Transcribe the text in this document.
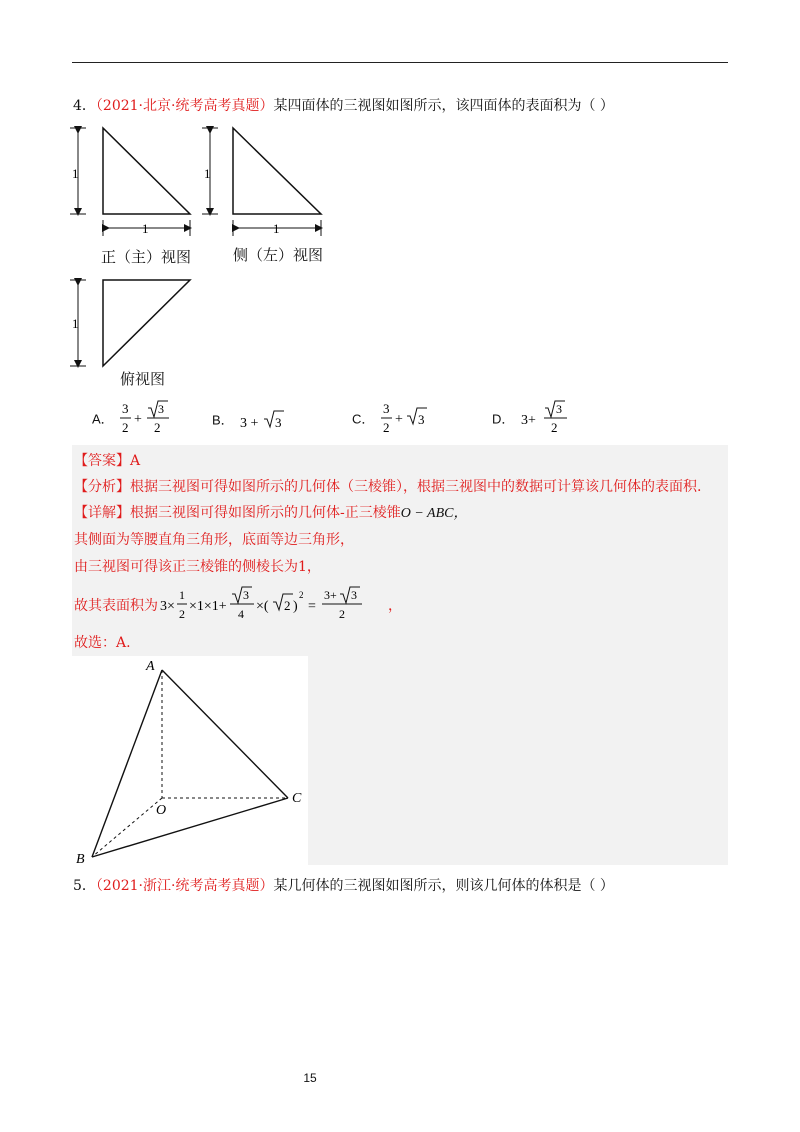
4．（2021·北京·统考高考真题）某四面体的三视图如图所示，该四面体的表面积为（ ）
1
1
1
1
1
正（主）视图	侧（左）视图
俯视图
A．
3
2
+
3
2	B． 3 + 3	C．
3
2
+ 3	D． 3+
3
2
【答案】A
【分析】根据三视图可得如图所示的几何体（三棱锥），根据三视图中的数据可计算该几何体的表面积.
【详解】根据三视图可得如图所示的几何体-正三棱锥O − ABC，
其侧面为等腰直角三角形，底面等边三角形，
由三视图可得该正三棱锥的侧棱长为1，
故其表面积为 3×
1
2 ×1×1+
3
4 ×( 2 )
2
=
3+ 3
2	，
故选：A.
A
C
O
B
5．（2021·浙江·统考高考真题）某几何体的三视图如图所示，则该几何体的体积是（ ）
15
